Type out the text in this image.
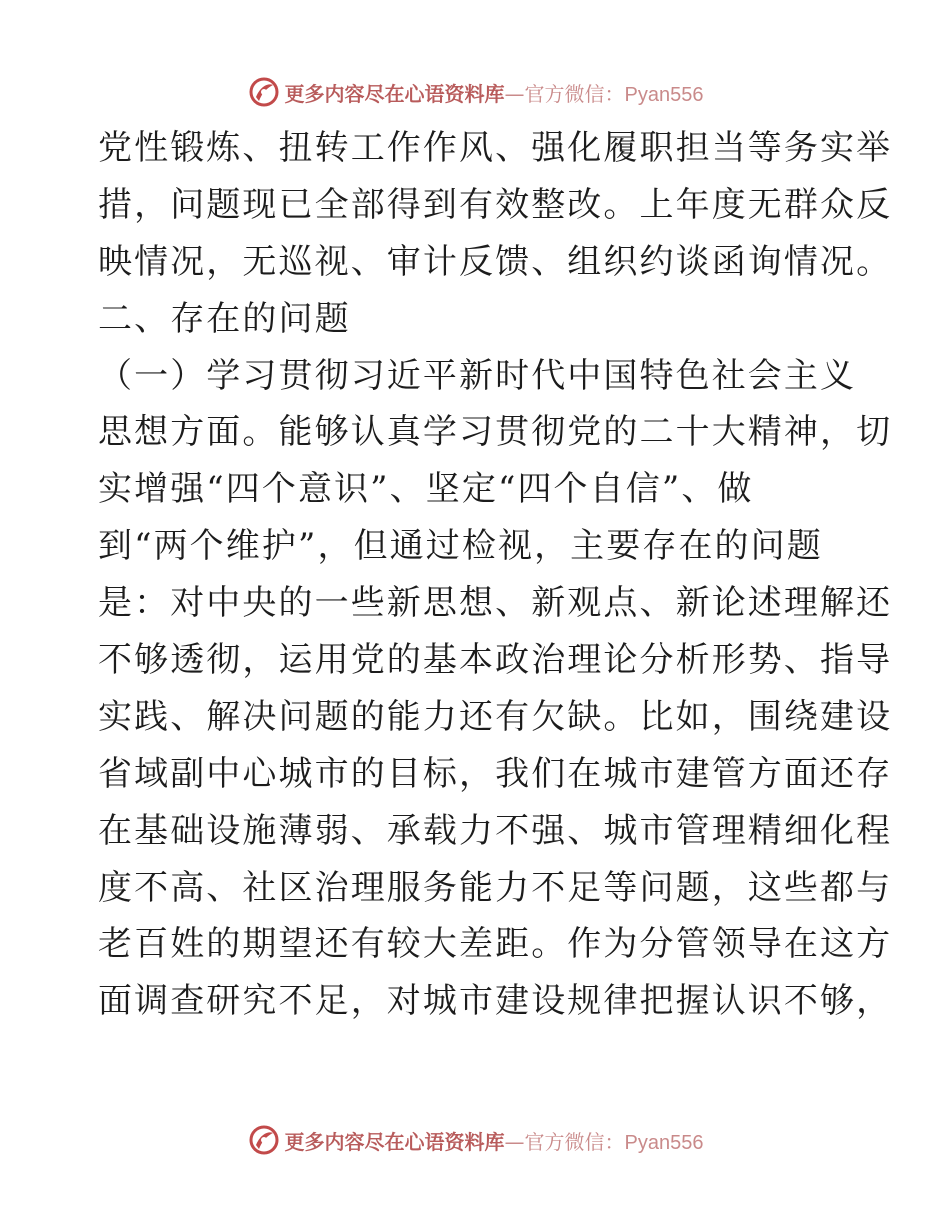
更多内容尽在心语资料库—官方微信：Pyan556
党性锻炼、扭转工作作风、强化履职担当等务实举
措，问题现已全部得到有效整改。上年度无群众反
映情况，无巡视、审计反馈、组织约谈函询情况。
二、存在的问题
（一）学习贯彻习近平新时代中国特色社会主义
思想方面。能够认真学习贯彻党的二十大精神，切
实增强“四个意识”、坚定“四个自信”、做
到“两个维护”，但通过检视，主要存在的问题
是：对中央的一些新思想、新观点、新论述理解还
不够透彻，运用党的基本政治理论分析形势、指导
实践、解决问题的能力还有欠缺。比如，围绕建设
省域副中心城市的目标，我们在城市建管方面还存
在基础设施薄弱、承载力不强、城市管理精细化程
度不高、社区治理服务能力不足等问题，这些都与
老百姓的期望还有较大差距。作为分管领导在这方
面调查研究不足，对城市建设规律把握认识不够，
更多内容尽在心语资料库—官方微信：Pyan556
